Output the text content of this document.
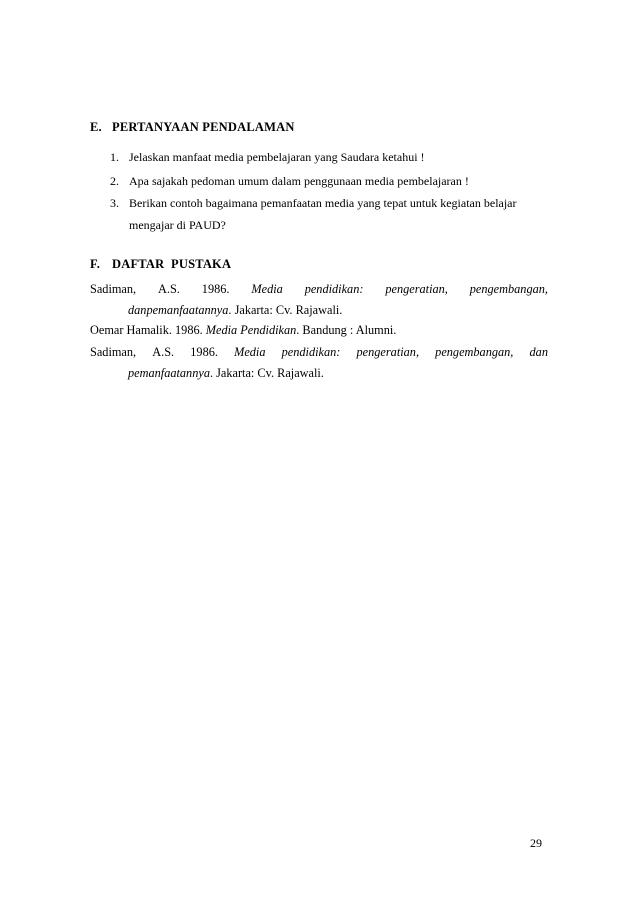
E. PERTANYAAN PENDALAMAN
1. Jelaskan manfaat media pembelajaran yang Saudara ketahui !
2. Apa sajakah pedoman umum dalam penggunaan media pembelajaran !
3. Berikan contoh bagaimana pemanfaatan media yang tepat untuk kegiatan belajar mengajar di PAUD?
F. DAFTAR  PUSTAKA
Sadiman, A.S. 1986. Media pendidikan: pengeratian, pengembangan,
danpemanfaatannya. Jakarta: Cv. Rajawali.
Oemar Hamalik. 1986. Media Pendidikan. Bandung : Alumni.
Sadiman, A.S. 1986. Media pendidikan: pengeratian, pengembangan, dan
pemanfaatannya. Jakarta: Cv. Rajawali.
29
